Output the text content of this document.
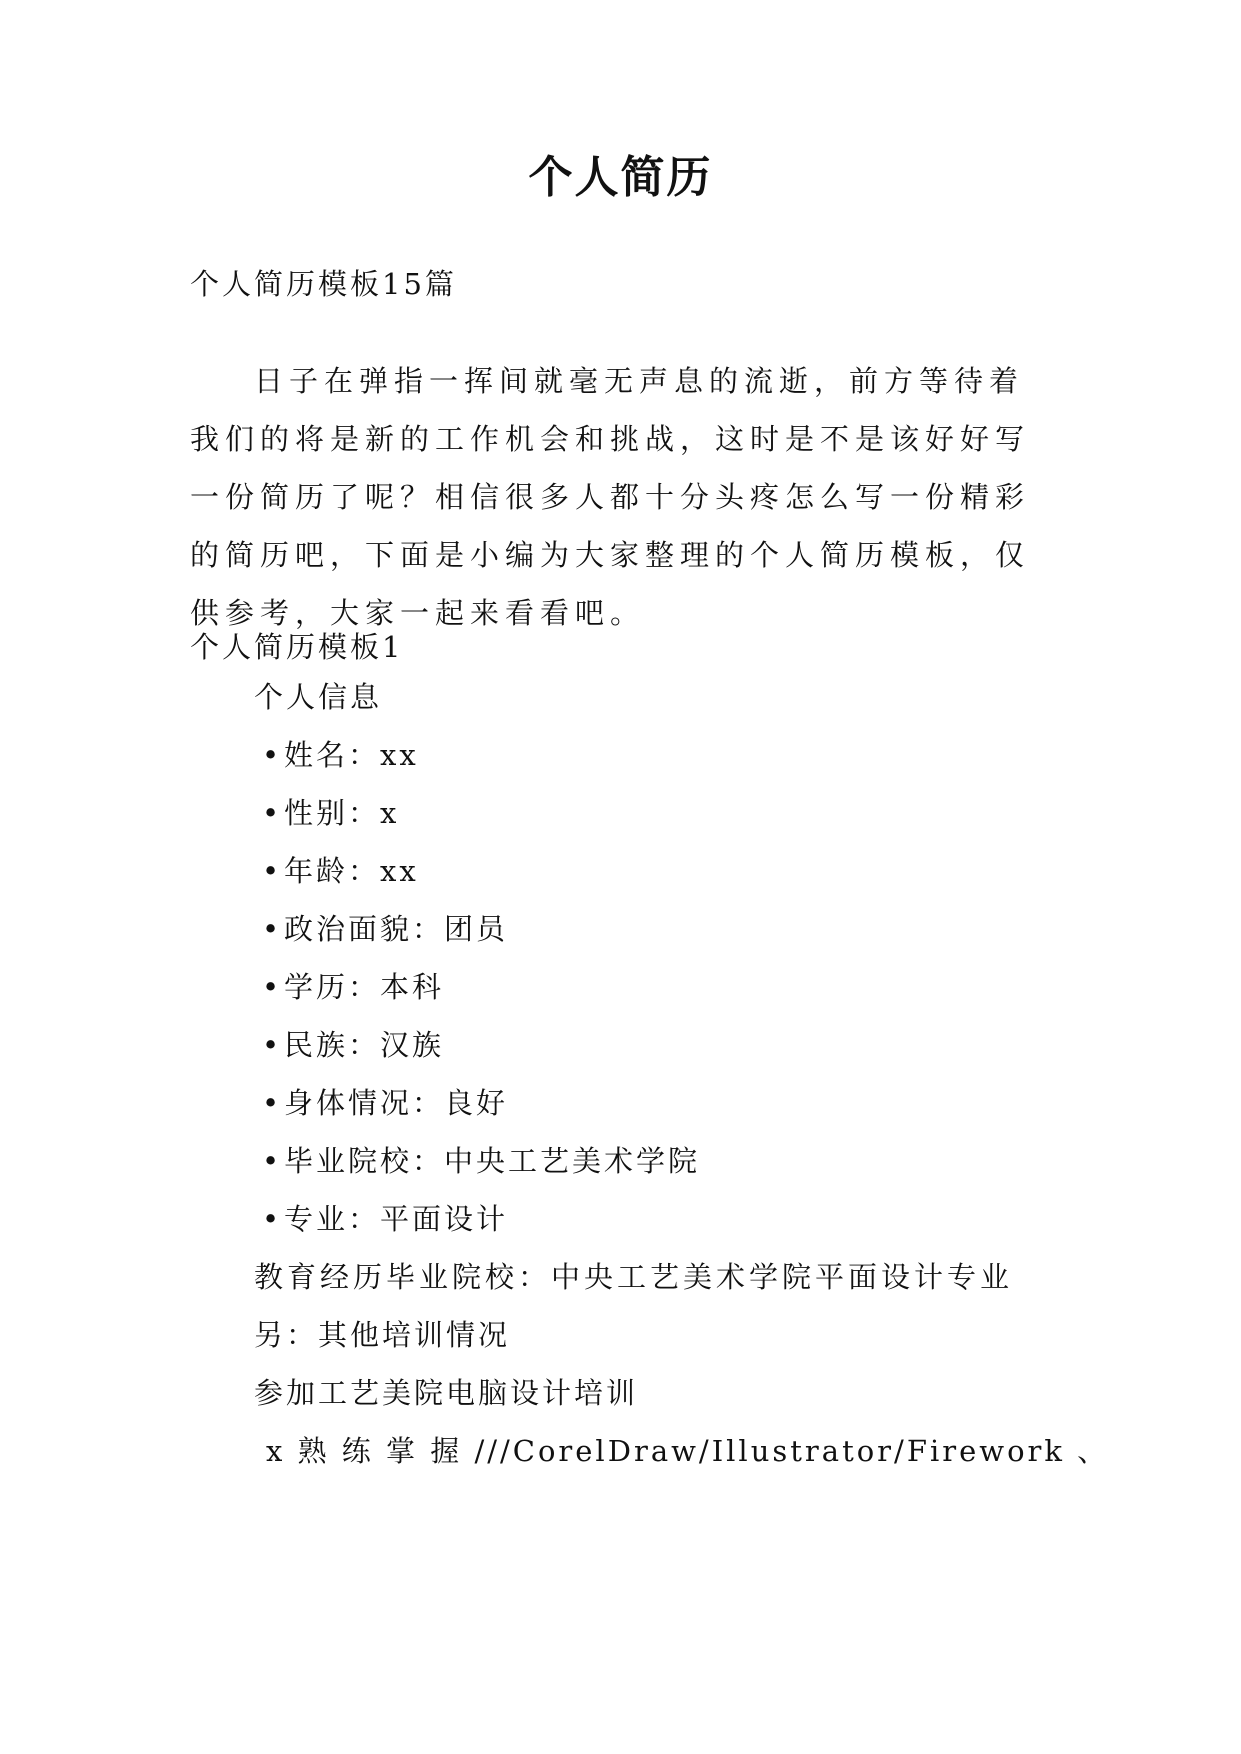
个人简历
个人简历模板15篇

日子在弹指一挥间就毫无声息的流逝，前方等待着我们的将是新的工作机会和挑战，这时是不是该好好写一份简历了呢？相信很多人都十分头疼怎么写一份精彩的简历吧，下面是小编为大家整理的个人简历模板，仅供参考，大家一起来看看吧。

个人简历模板1
个人信息
•姓名：xx
•性别：x
•年龄：xx
•政治面貌：团员
•学历：本科
•民族：汉族
•身体情况：良好
•毕业院校：中央工艺美术学院
•专业：平面设计
教育经历毕业院校：中央工艺美术学院平面设计专业
另：其他培训情况
参加工艺美院电脑设计培训
x 熟 练 掌 握 ///CorelDraw/Illustrator/Firework 、
